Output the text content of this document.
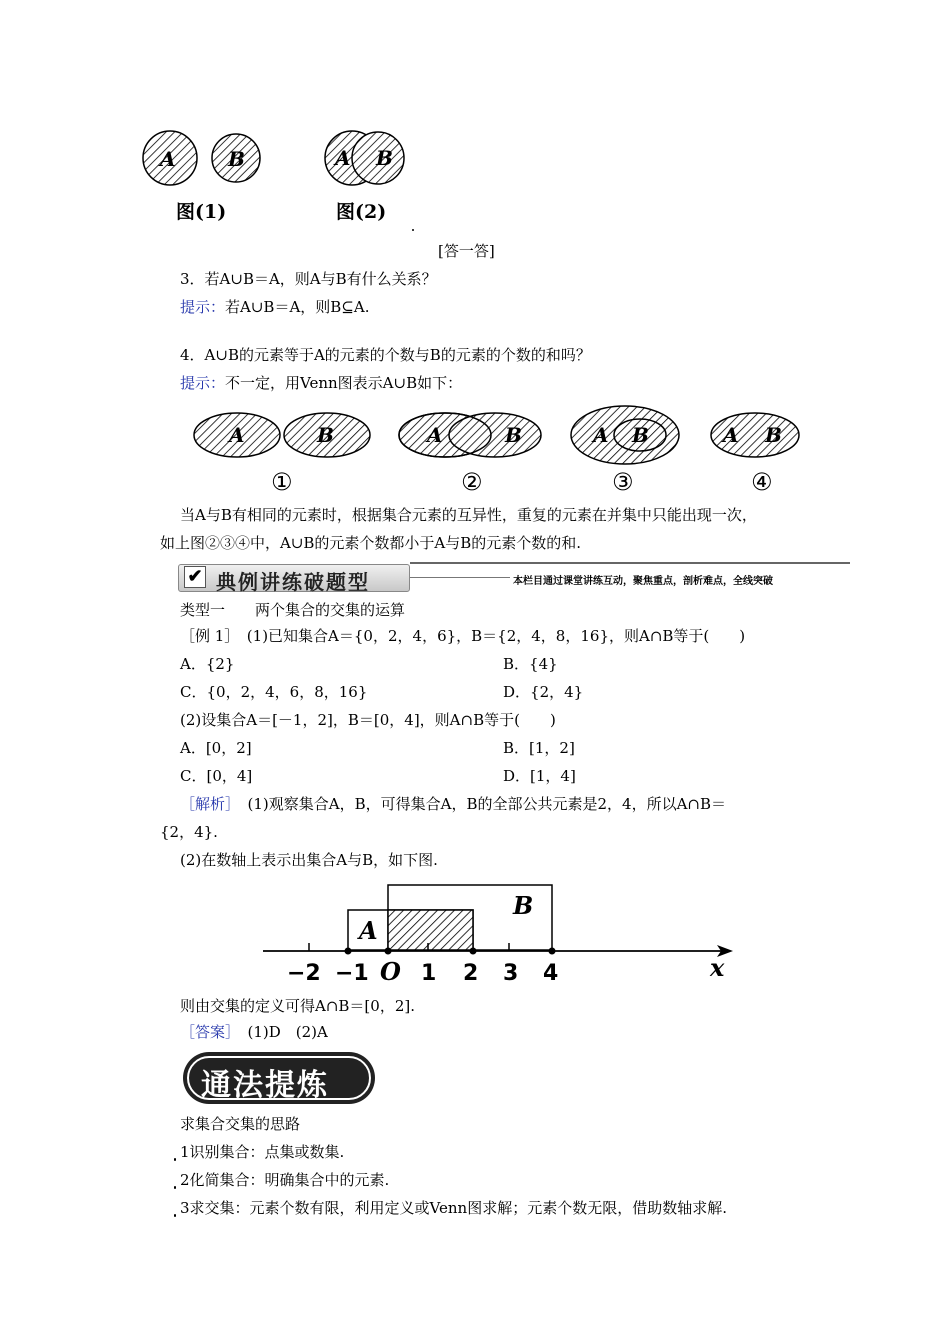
A	B
图(1)
A B
图(2)
[答一答]
3．若A∪B＝A，则A与B有什么关系？
提示：若A∪B＝A，则B⊆A.
4．A∪B的元素等于A的元素的个数与B的元素的个数的和吗？
提示：不一定，用Venn图表示A∪B如下：
A	B	A	B	A B	A B
①	②	③	④
当A与B有相同的元素时，根据集合元素的互异性，重复的元素在并集中只能出现一次，
如上图②③④中，A∪B的元素个数都小于A与B的元素个数的和.
✔ 典例讲练破题型	本栏目通过课堂讲练互动，聚焦重点，剖析难点，全线突破
类型一　　两个集合的交集的运算
［例 1］　(1)已知集合A＝{0，2，4，6}，B＝{2，4，8，16}，则A∩B等于(　　)
A．{2}	B．{4}
C．{0，2，4，6，8，16}	D．{2，4}
(2)设集合A＝[－1，2]，B＝[0，4]，则A∩B等于(　　)
A．[0，2]	B．[1，2]
C．[0，4]	D．[1，4]
［解析］　(1)观察集合A，B，可得集合A，B的全部公共元素是2，4，所以A∩B＝
{2，4}.
(2)在数轴上表示出集合A与B，如下图.
A
B
−2 −1 O 1 2 3 4	x
则由交集的定义可得A∩B＝[0，2].
［答案］　(1)D　(2)A
通法提炼
求集合交集的思路
1识别集合：点集或数集.
2化简集合：明确集合中的元素.
3求交集：元素个数有限，利用定义或Venn图求解；元素个数无限，借助数轴求解.
